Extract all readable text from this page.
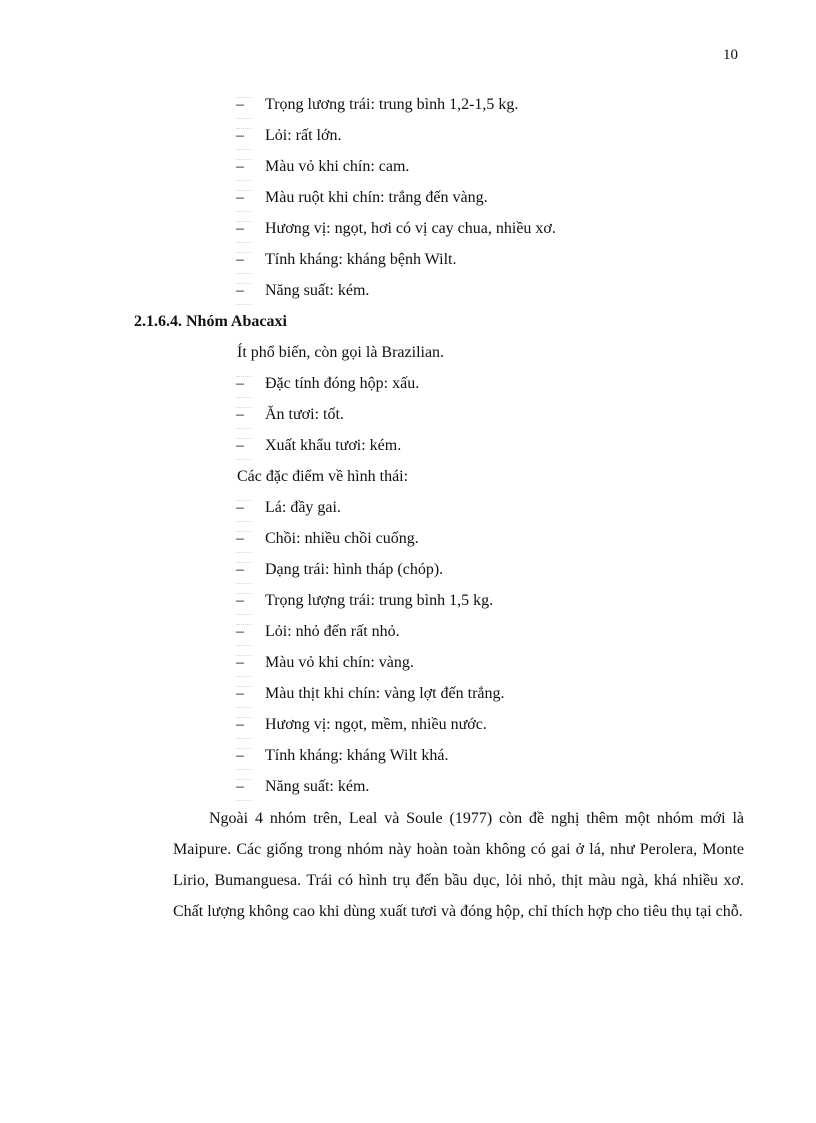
10
–
Trọng lương trái: trung bình 1,2-1,5 kg.
–
Lỏi: rất lớn.
–
Màu vỏ khi chín: cam.
–
Màu ruột khi chín: trắng đến vàng.
–
Hương vị: ngọt, hơi có vị cay chua, nhiều xơ.
–
Tính kháng: kháng bệnh Wilt.
–
Năng suất: kém.
2.1.6.4. Nhóm Abacaxi
Ít phổ biến, còn gọi là Brazilian.
–
Đặc tính đóng hộp: xấu.
–
Ăn tươi: tốt.
–
Xuất khẩu tươi: kém.
Các đặc điểm về hình thái:
–
Lá: đầy gai.
–
Chồi: nhiều chồi cuống.
–
Dạng trái: hình tháp (chóp).
–
Trọng lượng trái: trung bình 1,5 kg.
–
Lỏi: nhỏ đến rất nhỏ.
–
Màu vỏ khi chín: vàng.
–
Màu thịt khi chín: vàng lợt đến trắng.
–
Hương vị: ngọt, mềm, nhiều nước.
–
Tính kháng: kháng Wilt khá.
–
Năng suất: kém.

Ngoài 4 nhóm trên, Leal và Soule (1977) còn đề nghị thêm một nhóm mới là Maipure. Các giống trong nhóm này hoàn toàn không có gai ở lá, như Perolera, Monte Lirio, Bumanguesa. Trái có hình trụ đến bầu dục, lỏi nhỏ, thịt màu ngà, khá nhiều xơ. Chất lượng không cao khi dùng xuất tươi và đóng hộp, chỉ thích hợp cho tiêu thụ tại chỗ.
